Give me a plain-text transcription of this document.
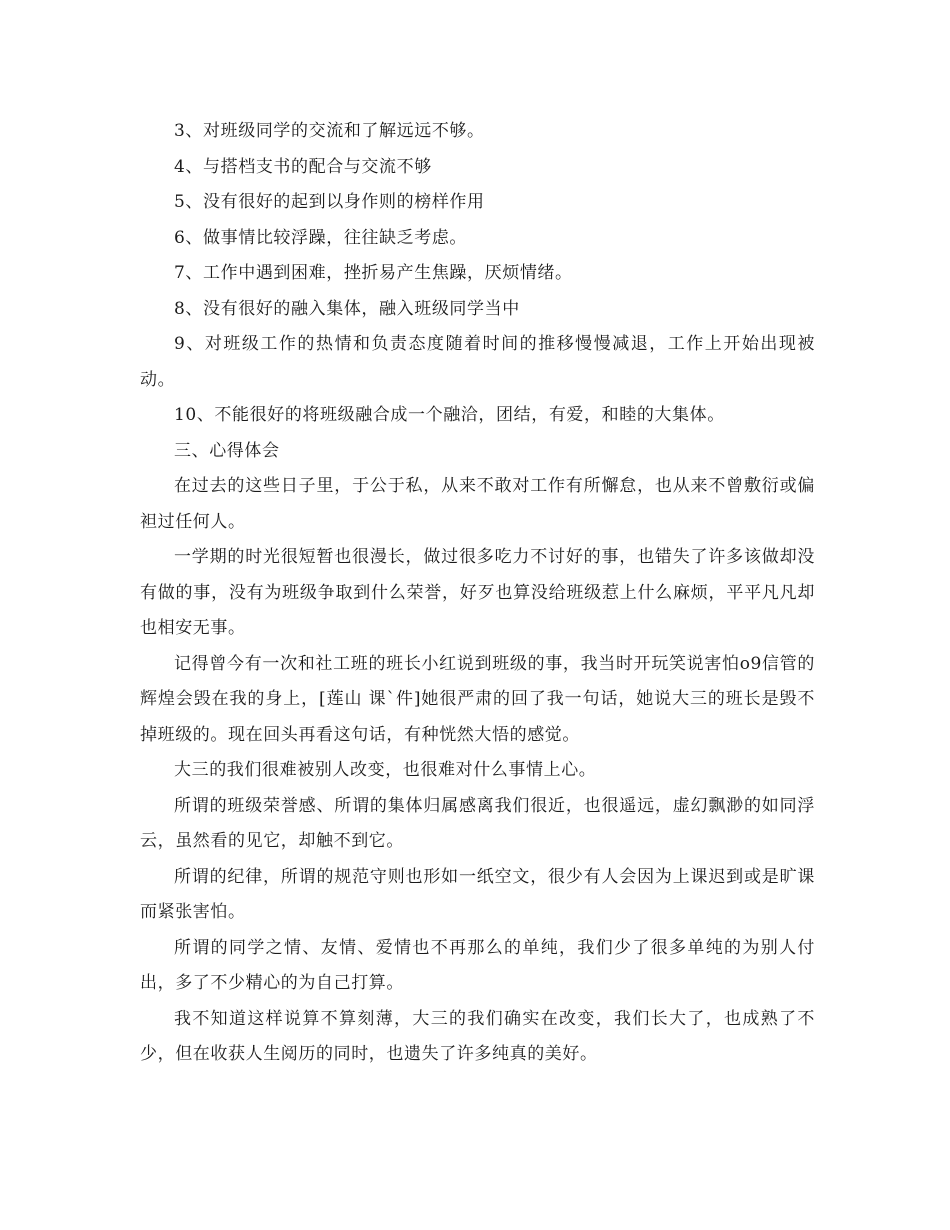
3、对班级同学的交流和了解远远不够。

4、与搭档支书的配合与交流不够

5、没有很好的起到以身作则的榜样作用

6、做事情比较浮躁，往往缺乏考虑。

7、工作中遇到困难，挫折易产生焦躁，厌烦情绪。

8、没有很好的融入集体，融入班级同学当中

9、对班级工作的热情和负责态度随着时间的推移慢慢减退，工作上开始出现被动。

10、不能很好的将班级融合成一个融洽，团结，有爱，和睦的大集体。

三、心得体会

在过去的这些日子里，于公于私，从来不敢对工作有所懈怠，也从来不曾敷衍或偏袒过任何人。

一学期的时光很短暂也很漫长，做过很多吃力不讨好的事，也错失了许多该做却没有做的事，没有为班级争取到什么荣誉，好歹也算没给班级惹上什么麻烦，平平凡凡却也相安无事。

记得曾今有一次和社工班的班长小红说到班级的事，我当时开玩笑说害怕o9信管的辉煌会毁在我的身上，[莲山 课`件]她很严肃的回了我一句话，她说大三的班长是毁不掉班级的。现在回头再看这句话，有种恍然大悟的感觉。

大三的我们很难被别人改变，也很难对什么事情上心。

所谓的班级荣誉感、所谓的集体归属感离我们很近，也很遥远，虚幻飘渺的如同浮云，虽然看的见它，却触不到它。

所谓的纪律，所谓的规范守则也形如一纸空文，很少有人会因为上课迟到或是旷课而紧张害怕。

所谓的同学之情、友情、爱情也不再那么的单纯，我们少了很多单纯的为别人付出，多了不少精心的为自己打算。

我不知道这样说算不算刻薄，大三的我们确实在改变，我们长大了，也成熟了不少，但在收获人生阅历的同时，也遗失了许多纯真的美好。
